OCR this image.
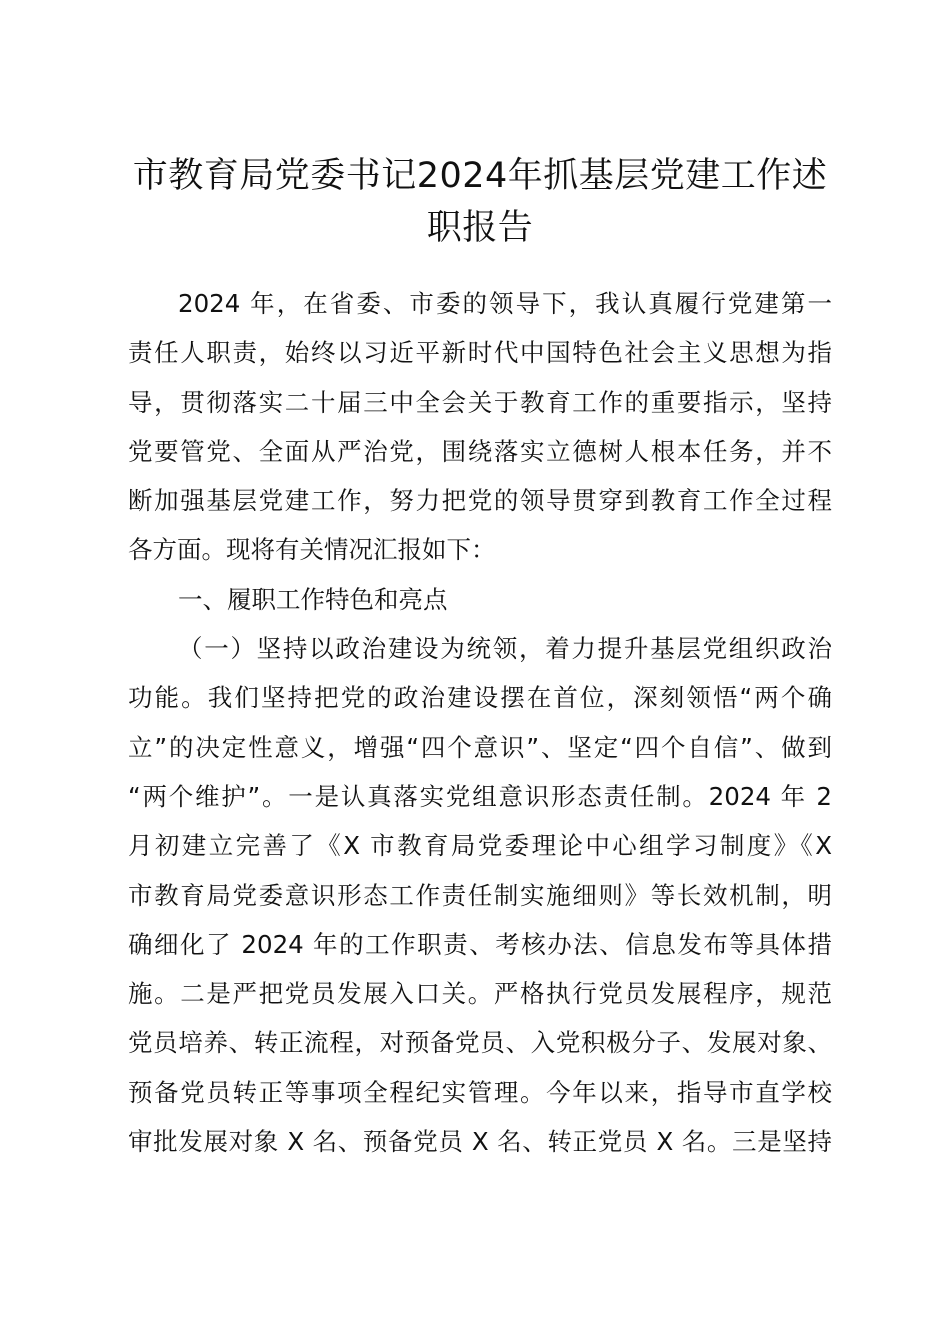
市教育局党委书记2024年抓基层党建工作述
职报告
2024 年，在省委、市委的领导下，我认真履行党建第一
责任人职责，始终以习近平新时代中国特色社会主义思想为指
导，贯彻落实二十届三中全会关于教育工作的重要指示，坚持
党要管党、全面从严治党，围绕落实立德树人根本任务，并不
断加强基层党建工作，努力把党的领导贯穿到教育工作全过程
各方面。现将有关情况汇报如下：
一、履职工作特色和亮点
（一）坚持以政治建设为统领，着力提升基层党组织政治
功能。我们坚持把党的政治建设摆在首位，深刻领悟“两个确
立”的决定性意义，增强“四个意识”、坚定“四个自信”、做到
“两个维护”。一是认真落实党组意识形态责任制。2024 年 2
月初建立完善了《X 市教育局党委理论中心组学习制度》《X
市教育局党委意识形态工作责任制实施细则》等长效机制，明
确细化了 2024 年的工作职责、考核办法、信息发布等具体措
施。二是严把党员发展入口关。严格执行党员发展程序，规范
党员培养、转正流程，对预备党员、入党积极分子、发展对象、
预备党员转正等事项全程纪实管理。今年以来，指导市直学校
审批发展对象 X 名、预备党员 X 名、转正党员 X 名。三是坚持
